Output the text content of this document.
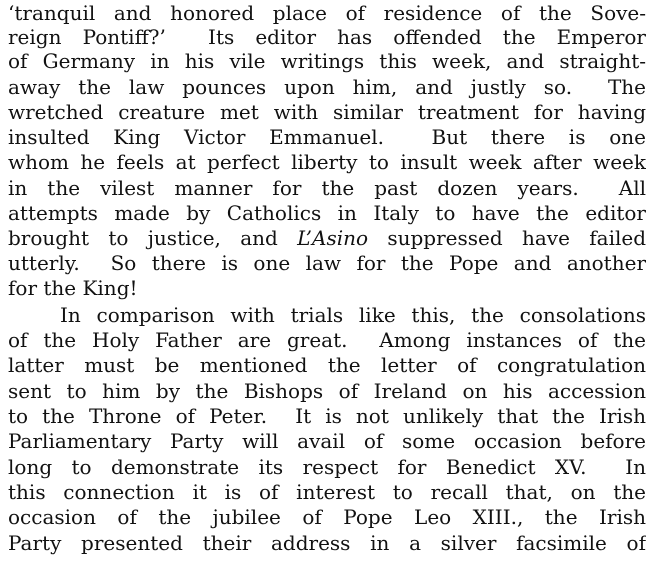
‘tranquil and honored place of residence of the Sove-
reign Pontiff?’  Its editor has offended the Emperor
of Germany in his vile writings this week, and straight-
away the law pounces upon him, and justly so.  The
wretched creature met with similar treatment for having
insulted King Victor Emmanuel.  But there is one
whom he feels at perfect liberty to insult week after week
in the vilest manner for the past dozen years.  All
attempts made by Catholics in Italy to have the editor
brought to justice, and L’Asino suppressed have failed
utterly.  So there is one law for the Pope and another
for the King!
In comparison with trials like this, the consolations
of the Holy Father are great.  Among instances of the
latter must be mentioned the letter of congratulation
sent to him by the Bishops of Ireland on his accession
to the Throne of Peter.  It is not unlikely that the Irish
Parliamentary Party will avail of some occasion before
long to demonstrate its respect for Benedict XV.  In
this connection it is of interest to recall that, on the
occasion of the jubilee of Pope Leo XIII., the Irish
Party presented their address in a silver facsimile of
